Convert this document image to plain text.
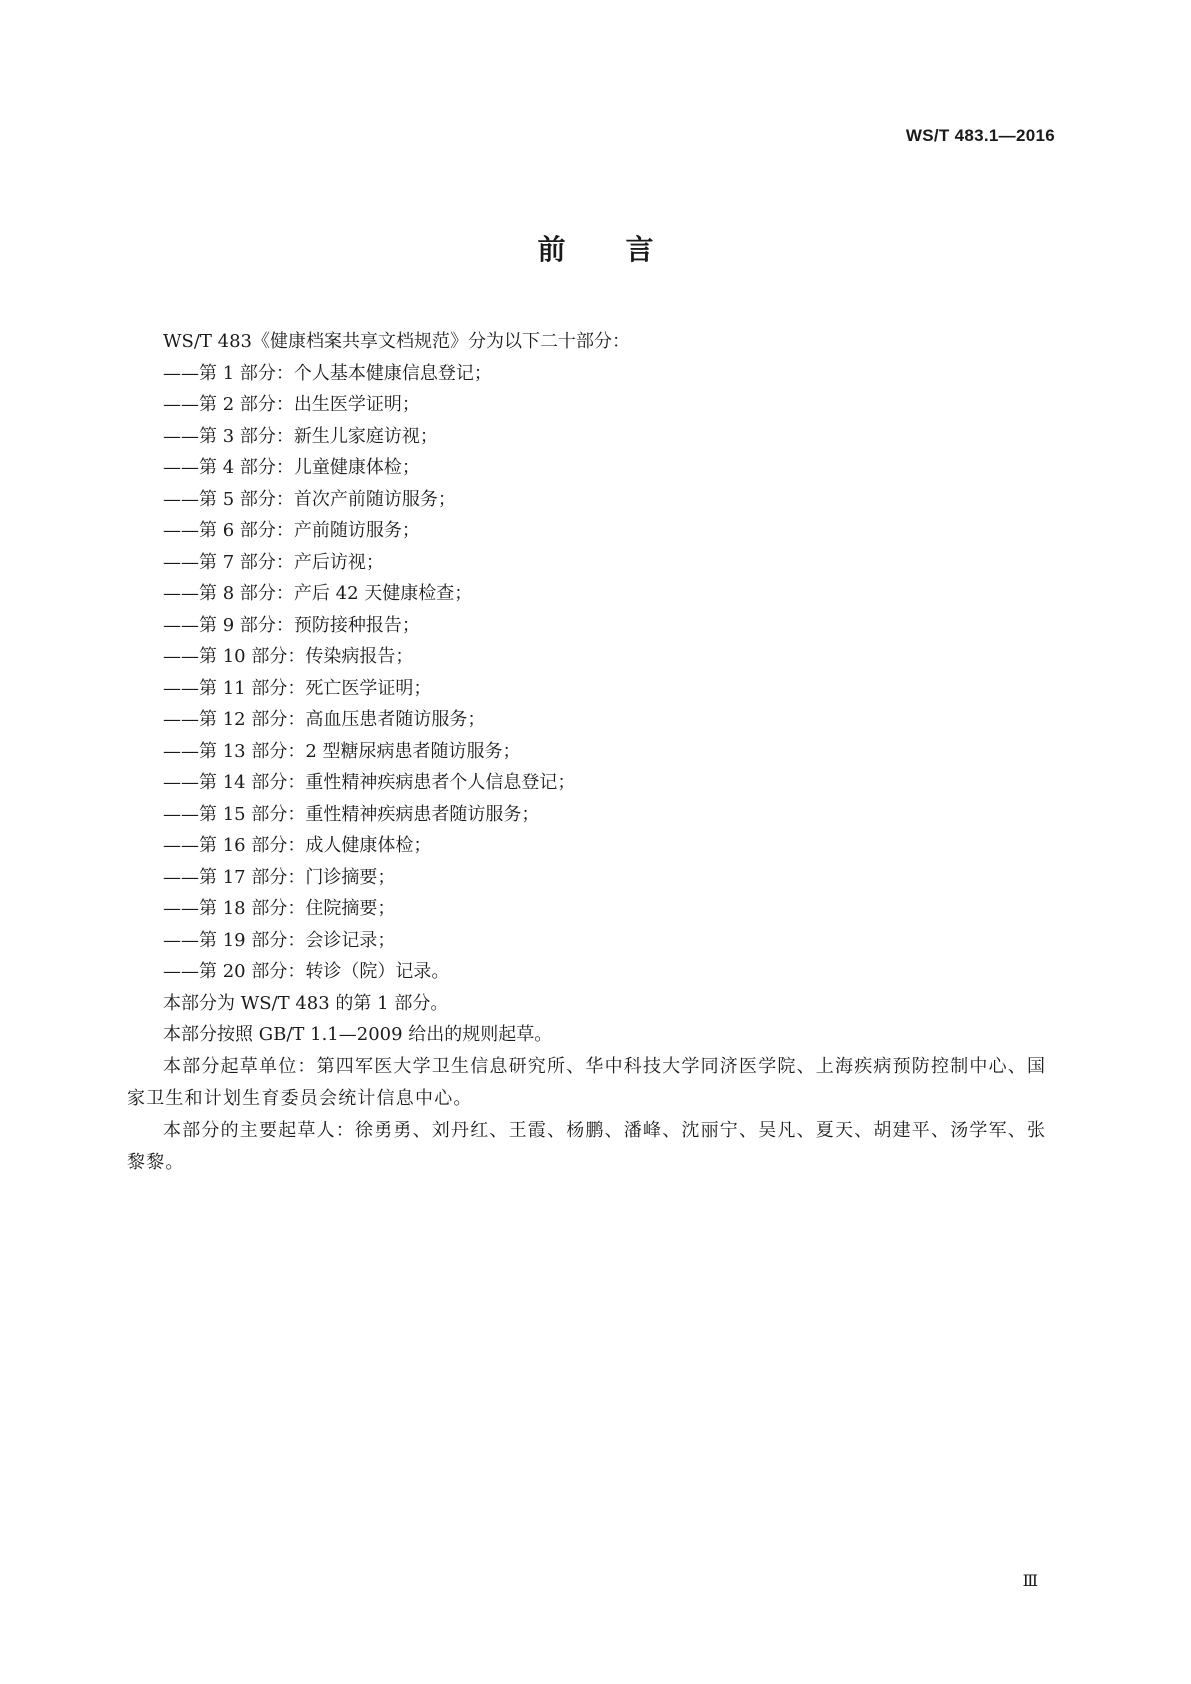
WS/T 483.1—2016
前言

WS/T 483《健康档案共享文档规范》分为以下二十部分：

——第 1 部分：个人基本健康信息登记；
——第 2 部分：出生医学证明；
——第 3 部分：新生儿家庭访视；
——第 4 部分：儿童健康体检；
——第 5 部分：首次产前随访服务；
——第 6 部分：产前随访服务；
——第 7 部分：产后访视；
——第 8 部分：产后 42 天健康检查；
——第 9 部分：预防接种报告；
——第 10 部分：传染病报告；
——第 11 部分：死亡医学证明；
——第 12 部分：高血压患者随访服务；
——第 13 部分：2 型糖尿病患者随访服务；
——第 14 部分：重性精神疾病患者个人信息登记；
——第 15 部分：重性精神疾病患者随访服务；
——第 16 部分：成人健康体检；
——第 17 部分：门诊摘要；
——第 18 部分：住院摘要；
——第 19 部分：会诊记录；
——第 20 部分：转诊（院）记录。

本部分为 WS/T 483 的第 1 部分。

本部分按照 GB/T 1.1—2009 给出的规则起草。

本部分起草单位：第四军医大学卫生信息研究所、华中科技大学同济医学院、上海疾病预防控制中心、国家卫生和计划生育委员会统计信息中心。

本部分的主要起草人：徐勇勇、刘丹红、王霞、杨鹏、潘峰、沈丽宁、吴凡、夏天、胡建平、汤学军、张黎黎。

Ⅲ
